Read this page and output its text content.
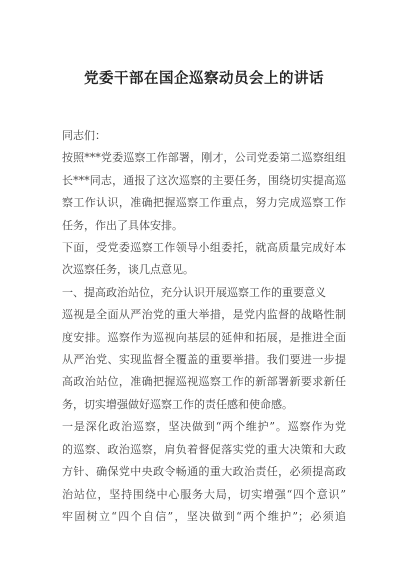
党委干部在国企巡察动员会上的讲话
同志们：
按照***党委巡察工作部署，刚才，公司党委第二巡察组组
长***同志，通报了这次巡察的主要任务，围绕切实提高巡
察工作认识，准确把握巡察工作重点，努力完成巡察工作
任务，作出了具体安排。
下面，受党委巡察工作领导小组委托，就高质量完成好本
次巡察任务，谈几点意见。
一、提高政治站位，充分认识开展巡察工作的重要意义
巡视是全面从严治党的重大举措，是党内监督的战略性制
度安排。巡察作为巡视向基层的延伸和拓展，是推进全面
从严治党、实现监督全覆盖的重要举措。我们要进一步提
高政治站位，准确把握巡视巡察工作的新部署新要求新任
务，切实增强做好巡察工作的责任感和使命感。
一是深化政治巡察，坚决做到“两个维护”。巡察作为党
的巡察、政治巡察，肩负着督促落实党的重大决策和大政
方针、确保党中央政令畅通的重大政治责任，必须提高政
治站位，坚持围绕中心服务大局，切实增强“四个意识”
牢固树立“四个自信”，坚决做到“两个维护”；必须追
